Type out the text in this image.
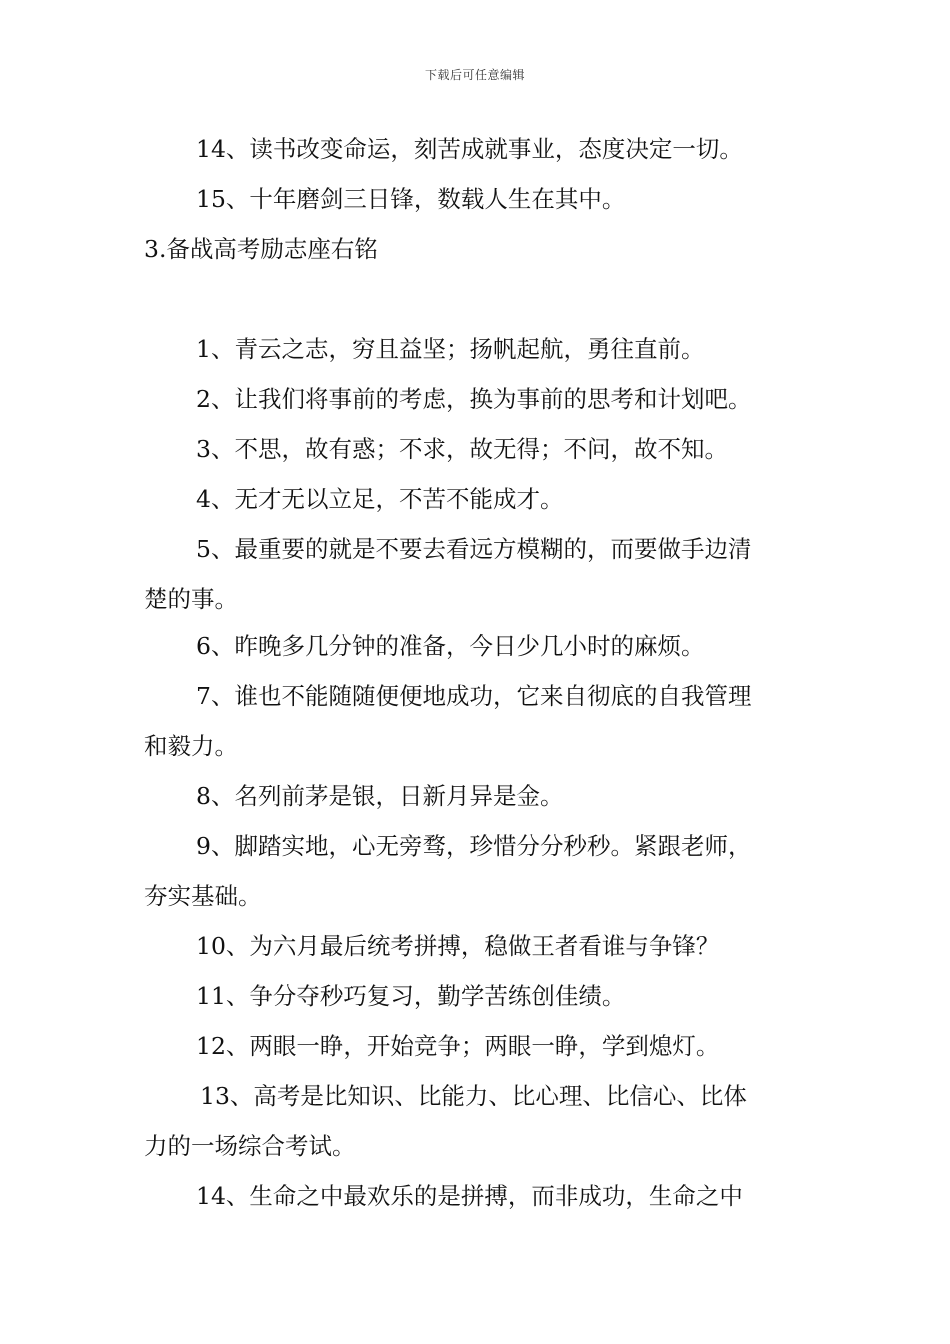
下载后可任意编辑
14、读书改变命运，刻苦成就事业，态度决定一切。
15、十年磨剑三日锋，数载人生在其中。
3.备战高考励志座右铭
1、青云之志，穷且益坚；扬帆起航，勇往直前。
2、让我们将事前的考虑，换为事前的思考和计划吧。
3、不思，故有惑；不求，故无得；不问，故不知。
4、无才无以立足，不苦不能成才。
5、最重要的就是不要去看远方模糊的，而要做手边清
楚的事。
6、昨晚多几分钟的准备，今日少几小时的麻烦。
7、谁也不能随随便便地成功，它来自彻底的自我管理
和毅力。
8、名列前茅是银，日新月异是金。
9、脚踏实地，心无旁骛，珍惜分分秒秒。紧跟老师，
夯实基础。
10、为六月最后统考拼搏，稳做王者看谁与争锋？
11、争分夺秒巧复习，勤学苦练创佳绩。
12、两眼一睁，开始竞争；两眼一睁，学到熄灯。
13、高考是比知识、比能力、比心理、比信心、比体
力的一场综合考试。
14、生命之中最欢乐的是拼搏，而非成功，生命之中
